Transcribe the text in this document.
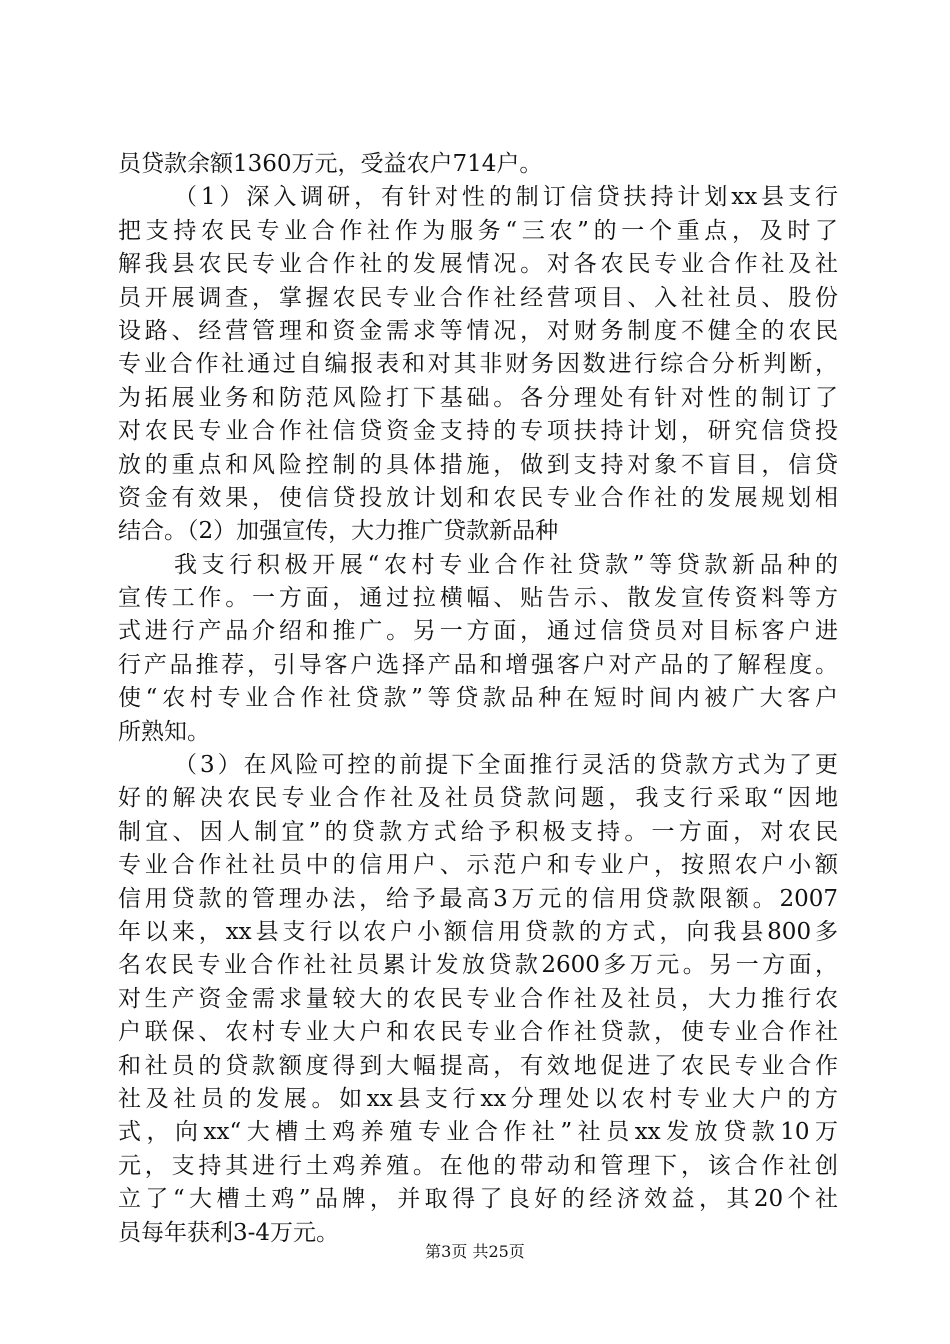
员贷款余额1360万元，受益农户714户。
（1）深入调研，有针对性的制订信贷扶持计划xx县支行
把支持农民专业合作社作为服务“三农”的一个重点，及时了
解我县农民专业合作社的发展情况。对各农民专业合作社及社
员开展调查，掌握农民专业合作社经营项目、入社社员、股份
设路、经营管理和资金需求等情况，对财务制度不健全的农民
专业合作社通过自编报表和对其非财务因数进行综合分析判断，
为拓展业务和防范风险打下基础。各分理处有针对性的制订了
对农民专业合作社信贷资金支持的专项扶持计划，研究信贷投
放的重点和风险控制的具体措施，做到支持对象不盲目，信贷
资金有效果，使信贷投放计划和农民专业合作社的发展规划相
结合。（2）加强宣传，大力推广贷款新品种
我支行积极开展“农村专业合作社贷款”等贷款新品种的
宣传工作。一方面，通过拉横幅、贴告示、散发宣传资料等方
式进行产品介绍和推广。另一方面，通过信贷员对目标客户进
行产品推荐，引导客户选择产品和增强客户对产品的了解程度。
使“农村专业合作社贷款”等贷款品种在短时间内被广大客户
所熟知。
（3）在风险可控的前提下全面推行灵活的贷款方式为了更
好的解决农民专业合作社及社员贷款问题，我支行采取“因地
制宜、因人制宜”的贷款方式给予积极支持。一方面，对农民
专业合作社社员中的信用户、示范户和专业户，按照农户小额
信用贷款的管理办法，给予最高3万元的信用贷款限额。2007
年以来，xx县支行以农户小额信用贷款的方式，向我县800多
名农民专业合作社社员累计发放贷款2600多万元。另一方面，
对生产资金需求量较大的农民专业合作社及社员，大力推行农
户联保、农村专业大户和农民专业合作社贷款，使专业合作社
和社员的贷款额度得到大幅提高，有效地促进了农民专业合作
社及社员的发展。如xx县支行xx分理处以农村专业大户的方
式，向xx“大槽土鸡养殖专业合作社”社员xx发放贷款10万
元，支持其进行土鸡养殖。在他的带动和管理下，该合作社创
立了“大槽土鸡”品牌，并取得了良好的经济效益，其20个社
员每年获利3-4万元。
第3页 共25页
